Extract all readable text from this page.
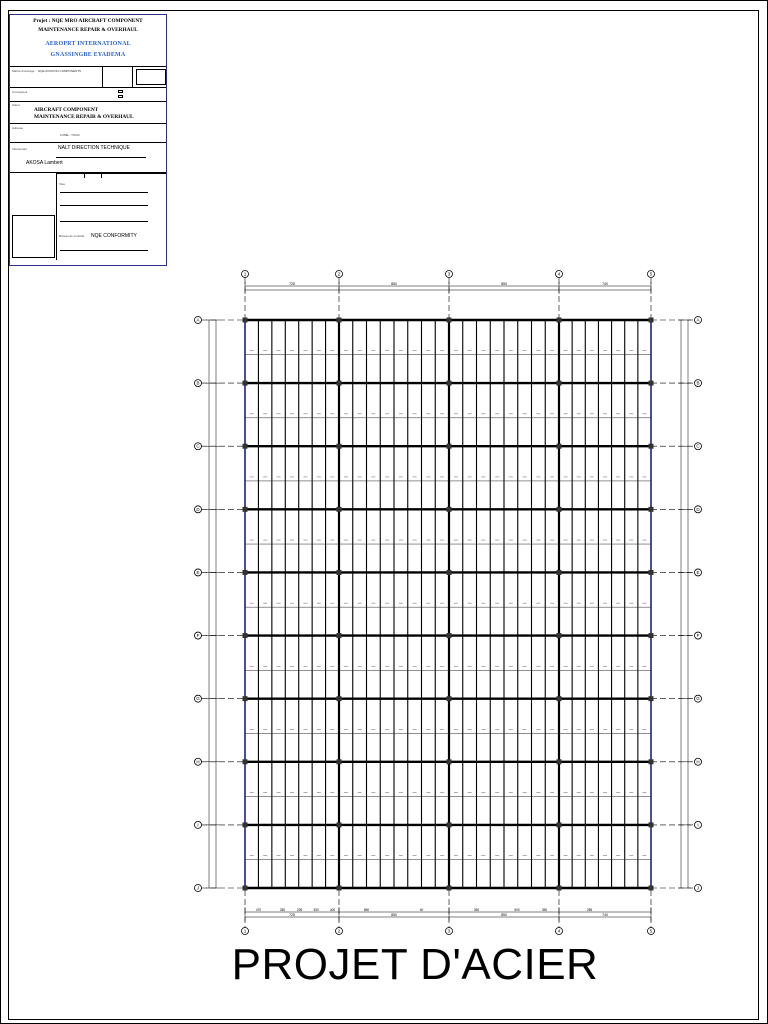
Projet : NQE MRO AIRCRAFT COMPONENT
MAINTENANCE REPAIR & OVERHAUL
AEROPRT INTERNATIONAL
GNASSINGBE EYADEMA
Maître d'ouvrage NQE AVIATION COMPONENTS
Concepteur
Client
AIRCRAFT COMPONENT
MAINTENANCE REPAIR & OVERHAUL
Adresse
LOME - TOGO
Intervenant	NALT DIRECTION TECHNIQUE
AKOSA Lambert
Visa
Bureau de contrôle NQE CONFORMITY
725	850	850	740
470	350	235	350	400	850	40	350	500	350	285
725	850	850	740
1
1
2
2
3
3
4
4
5
5
A	A
B	B
C	C
D	D
E	E
F	F
G	G
H	H
I	I
J	J
PROJET D'ACIER
